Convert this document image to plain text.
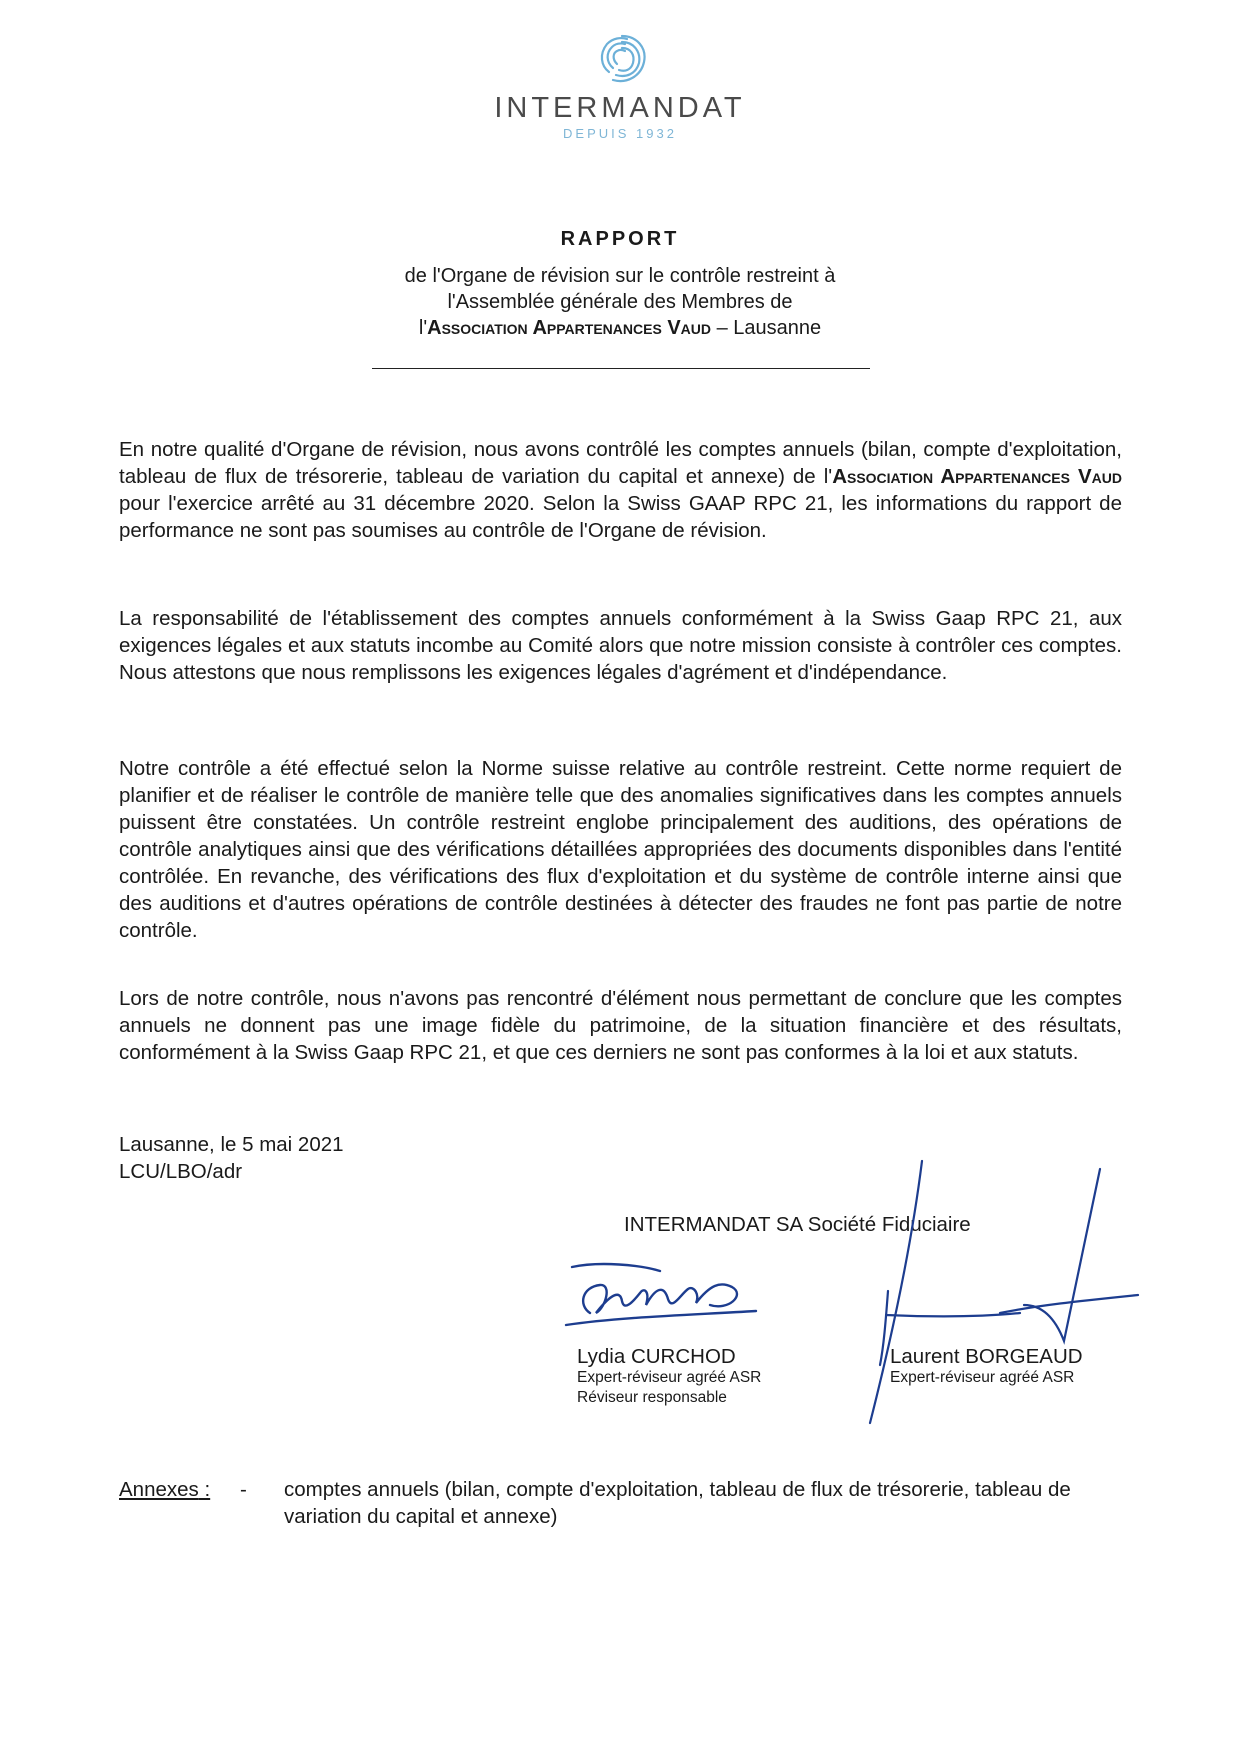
INTERMANDAT
DEPUIS 1932
RAPPORT
de l'Organe de révision sur le contrôle restreint à
l'Assemblée générale des Membres de
l'Association Appartenances Vaud – Lausanne

En notre qualité d'Organe de révision, nous avons contrôlé les comptes annuels (bilan, compte d'exploitation, tableau de flux de trésorerie, tableau de variation du capital et annexe) de l'Association Appartenances Vaud pour l'exercice arrêté au 31 décembre 2020. Selon la Swiss GAAP RPC 21, les informations du rapport de performance ne sont pas soumises au contrôle de l'Organe de révision.

La responsabilité de l'établissement des comptes annuels conformément à la Swiss Gaap RPC 21, aux exigences légales et aux statuts incombe au Comité alors que notre mission consiste à contrôler ces comptes. Nous attestons que nous remplissons les exigences légales d'agrément et d'indépendance.

Notre contrôle a été effectué selon la Norme suisse relative au contrôle restreint. Cette norme requiert de planifier et de réaliser le contrôle de manière telle que des anomalies significatives dans les comptes annuels puissent être constatées. Un contrôle restreint englobe principalement des auditions, des opérations de contrôle analytiques ainsi que des vérifications détaillées appropriées des documents disponibles dans l'entité contrôlée. En revanche, des vérifications des flux d'exploitation et du système de contrôle interne ainsi que des auditions et d'autres opérations de contrôle destinées à détecter des fraudes ne font pas partie de notre contrôle.

Lors de notre contrôle, nous n'avons pas rencontré d'élément nous permettant de conclure que les comptes annuels ne donnent pas une image fidèle du patrimoine, de la situation financière et des résultats, conformément à la Swiss Gaap RPC 21, et que ces derniers ne sont pas conformes à la loi et aux statuts.

Lausanne, le 5 mai 2021
LCU/LBO/adr
INTERMANDAT SA Société Fiduciaire
Lydia CURCHOD
Expert-réviseur agréé ASR
Réviseur responsable
Laurent BORGEAUD
Expert-réviseur agréé ASR
Annexes : - comptes annuels (bilan, compte d'exploitation, tableau de flux de trésorerie, tableau de variation du capital et annexe)
